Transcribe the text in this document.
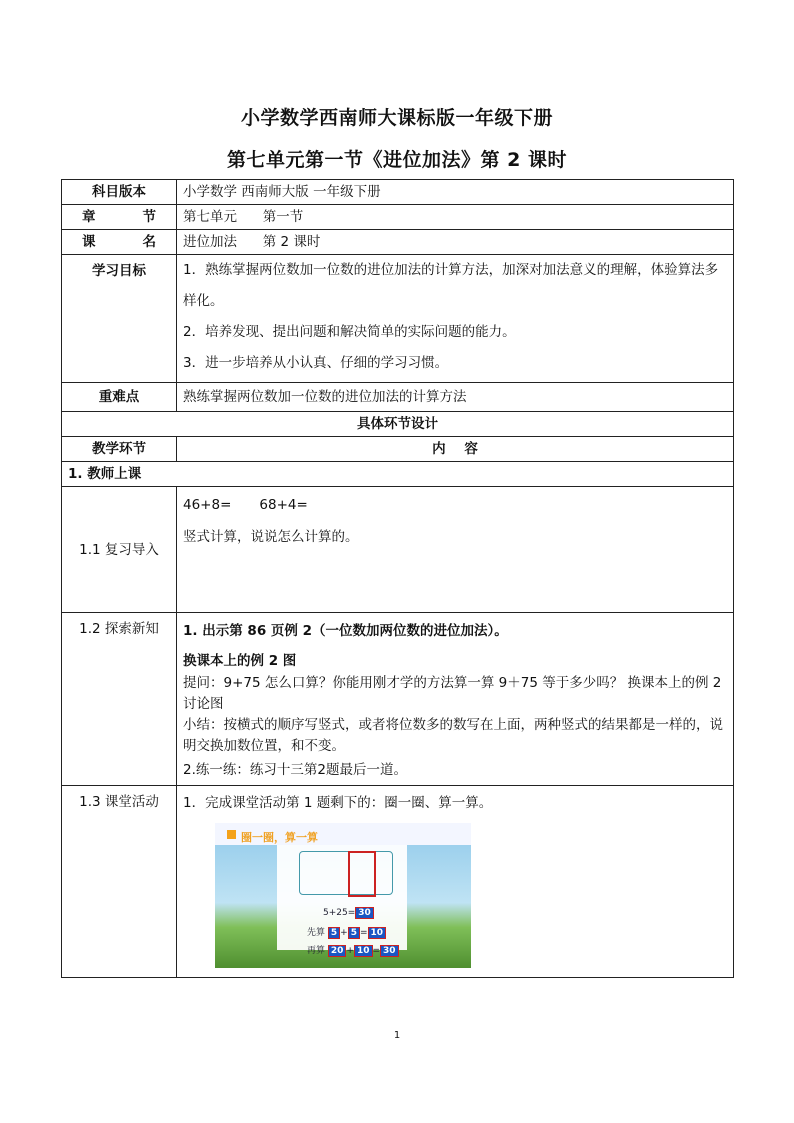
小学数学西南师大课标版一年级下册
第七单元第一节《进位加法》第 2 课时
科目版本	小学数学 西南师大版 一年级下册
章 节	第七单元      第一节
课 名	进位加法      第 2 课时
学习目标	1．熟练掌握两位数加一位数的进位加法的计算方法，加深对加法意义的理解，体验算法多样化。
2．培养发现、提出问题和解决简单的实际问题的能力。
3．进一步培养从小认真、仔细的学习习惯。

重难点	熟练掌握两位数加一位数的进位加法的计算方法
具体环节设计	
教学环节	内    容
1. 教师上课	
1.1 复习导入	46+8= 68+4=
竖式计算，说说怎么计算的。

1.2 探索新知	1. 出示第 86 页例 2（一位数加两位数的进位加法）。
换课本上的例 2 图
提问：9+75 怎么口算？你能用刚才学的方法算一算 9＋75 等于多少吗？ 换课本上的例 2 讨论图
小结：按横式的顺序写竖式，或者将位数多的数写在上面，两种竖式的结果都是一样的，说明交换加数位置，和不变。
2.练一练：练习十三第2题最后一道。

1.3 课堂活动	1．完成课堂活动第 1 题剩下的：圈一圈、算一算。
圈一圈，算一算
5+25= 30
先算 5 + 5 = 10
再算 20 + 10 = 30
1
